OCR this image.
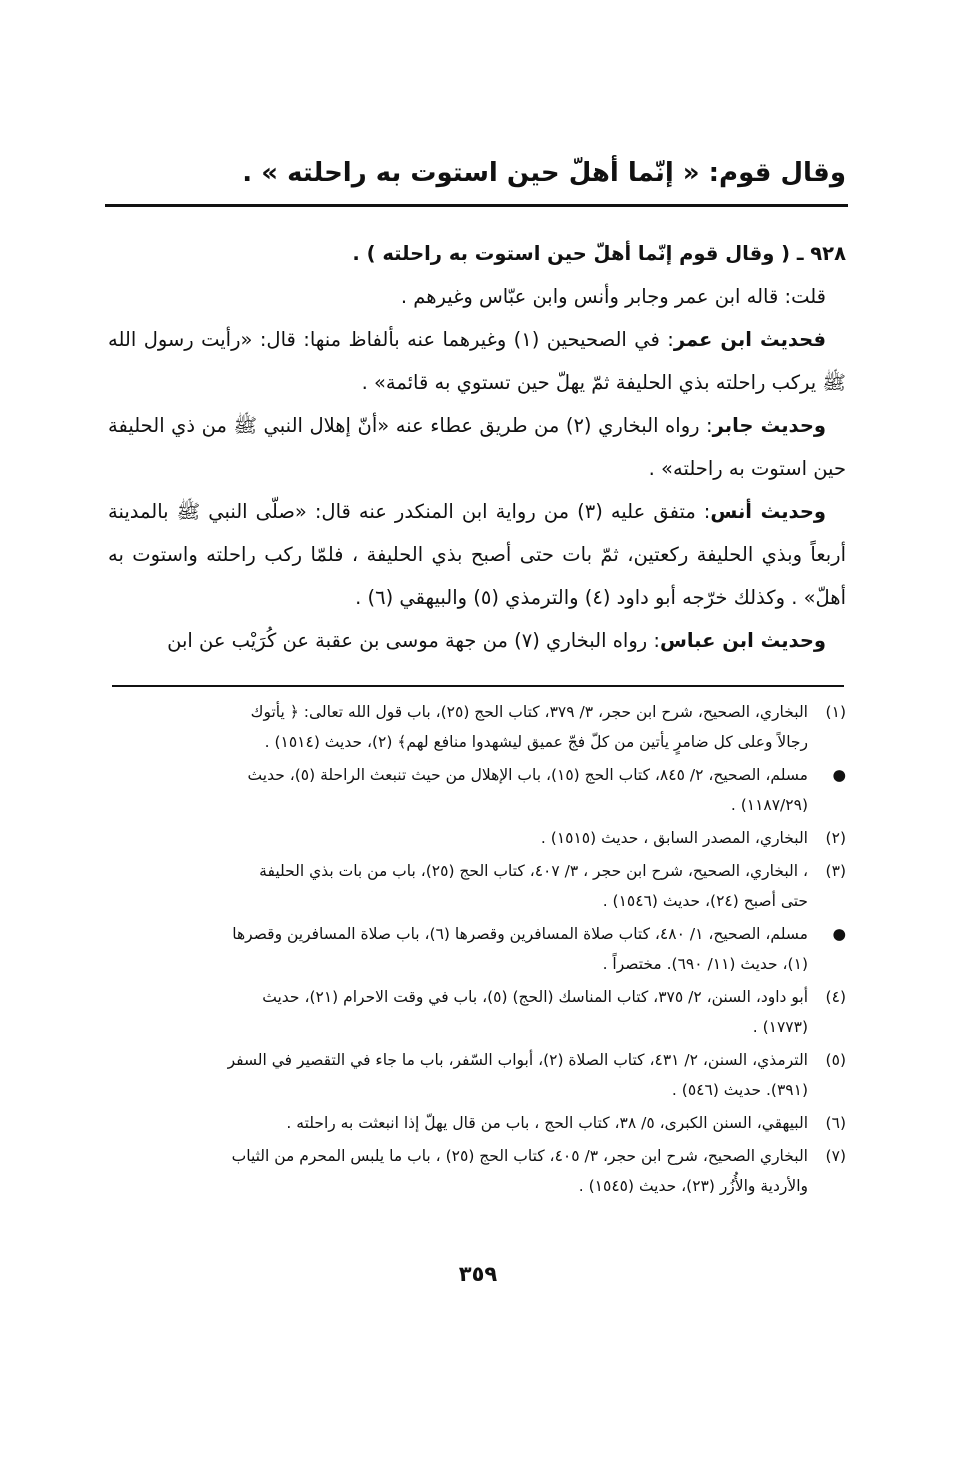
وقال قوم: « إنّما أهلّ حين استوت به راحلته » .

٩٢٨ ـ ( وقال قوم إنّما أهلّ حين استوت به راحلته ) .

قلت: قاله ابن عمر وجابر وأنس وابن عبّاس وغيرهم .

فحديث ابن عمر: في الصحيحين (١) وغيرهما عنه بألفاظ منها: قال: «رأيت رسول الله ﷺ يركب راحلته بذي الحليفة ثمّ يهلّ حين تستوي به قائمة» .

وحديث جابر: رواه البخاري (٢) من طريق عطاء عنه «أنّ إهلال النبي ﷺ من ذي الحليفة حين استوت به راحلته» .

وحديث أنس: متفق عليه (٣) من رواية ابن المنكدر عنه قال: «صلّى النبي ﷺ بالمدينة أربعاً وبذي الحليفة ركعتين، ثمّ بات حتى أصبح بذي الحليفة ، فلمّا ركب راحلته واستوت به أهلّ» . وكذلك خرّجه أبو داود (٤) والترمذي (٥) والبيهقي (٦) .

وحديث ابن عباس: رواه البخاري (٧) من جهة موسى بن عقبة عن كُرَيْب عن ابن

(١)
البخاري، الصحيح، شرح ابن حجر، ٣/ ٣٧٩، كتاب الحج (٢٥)، باب قول الله تعالى: ﴿ يأتوك
رجالاً وعلى كل ضامرٍ يأتين من كلّ فجّ عميق ليشهدوا منافع لهم﴾ (٢)، حديث (١٥١٤) .
●
مسلم، الصحيح، ٢/ ٨٤٥، كتاب الحج (١٥)، باب الإهلال من حيث تنبعث الراحلة (٥)، حديث
(١١٨٧/٢٩) .
(٢)
البخاري، المصدر السابق ، حديث (١٥١٥) .
(٣)
، البخاري، الصحيح، شرح ابن حجر ، ٣/ ٤٠٧، كتاب الحج (٢٥)، باب من بات بذي الحليفة
حتى أصبح (٢٤)، حديث (١٥٤٦) .
●
مسلم، الصحيح، ١/ ٤٨٠، كتاب صلاة المسافرين وقصرها (٦)، باب صلاة المسافرين وقصرها
(١)، حديث (١١/ ٦٩٠). مختصراً .
(٤)
أبو داود، السنن، ٢/ ٣٧٥، كتاب المناسك (الحج) (٥)، باب في وقت الاحرام (٢١)، حديث
(١٧٧٣) .
(٥)
الترمذي، السنن، ٢/ ٤٣١، كتاب الصلاة (٢)، أبواب السّفر، باب ما جاء في التقصير في السفر
(٣٩١). حديث (٥٤٦) .
(٦)
البيهقي، السنن الكبرى، ٥/ ٣٨، كتاب الحج ، باب من قال يهلّ إذا انبعثت به راحلته .
(٧)
البخاري الصحيح، شرح ابن حجر، ٣/ ٤٠٥، كتاب الحج (٢٥) ، باب ما يلبس المحرم من الثياب
والأردية والأُزُر (٢٣)، حديث (١٥٤٥) .
٣٥٩
